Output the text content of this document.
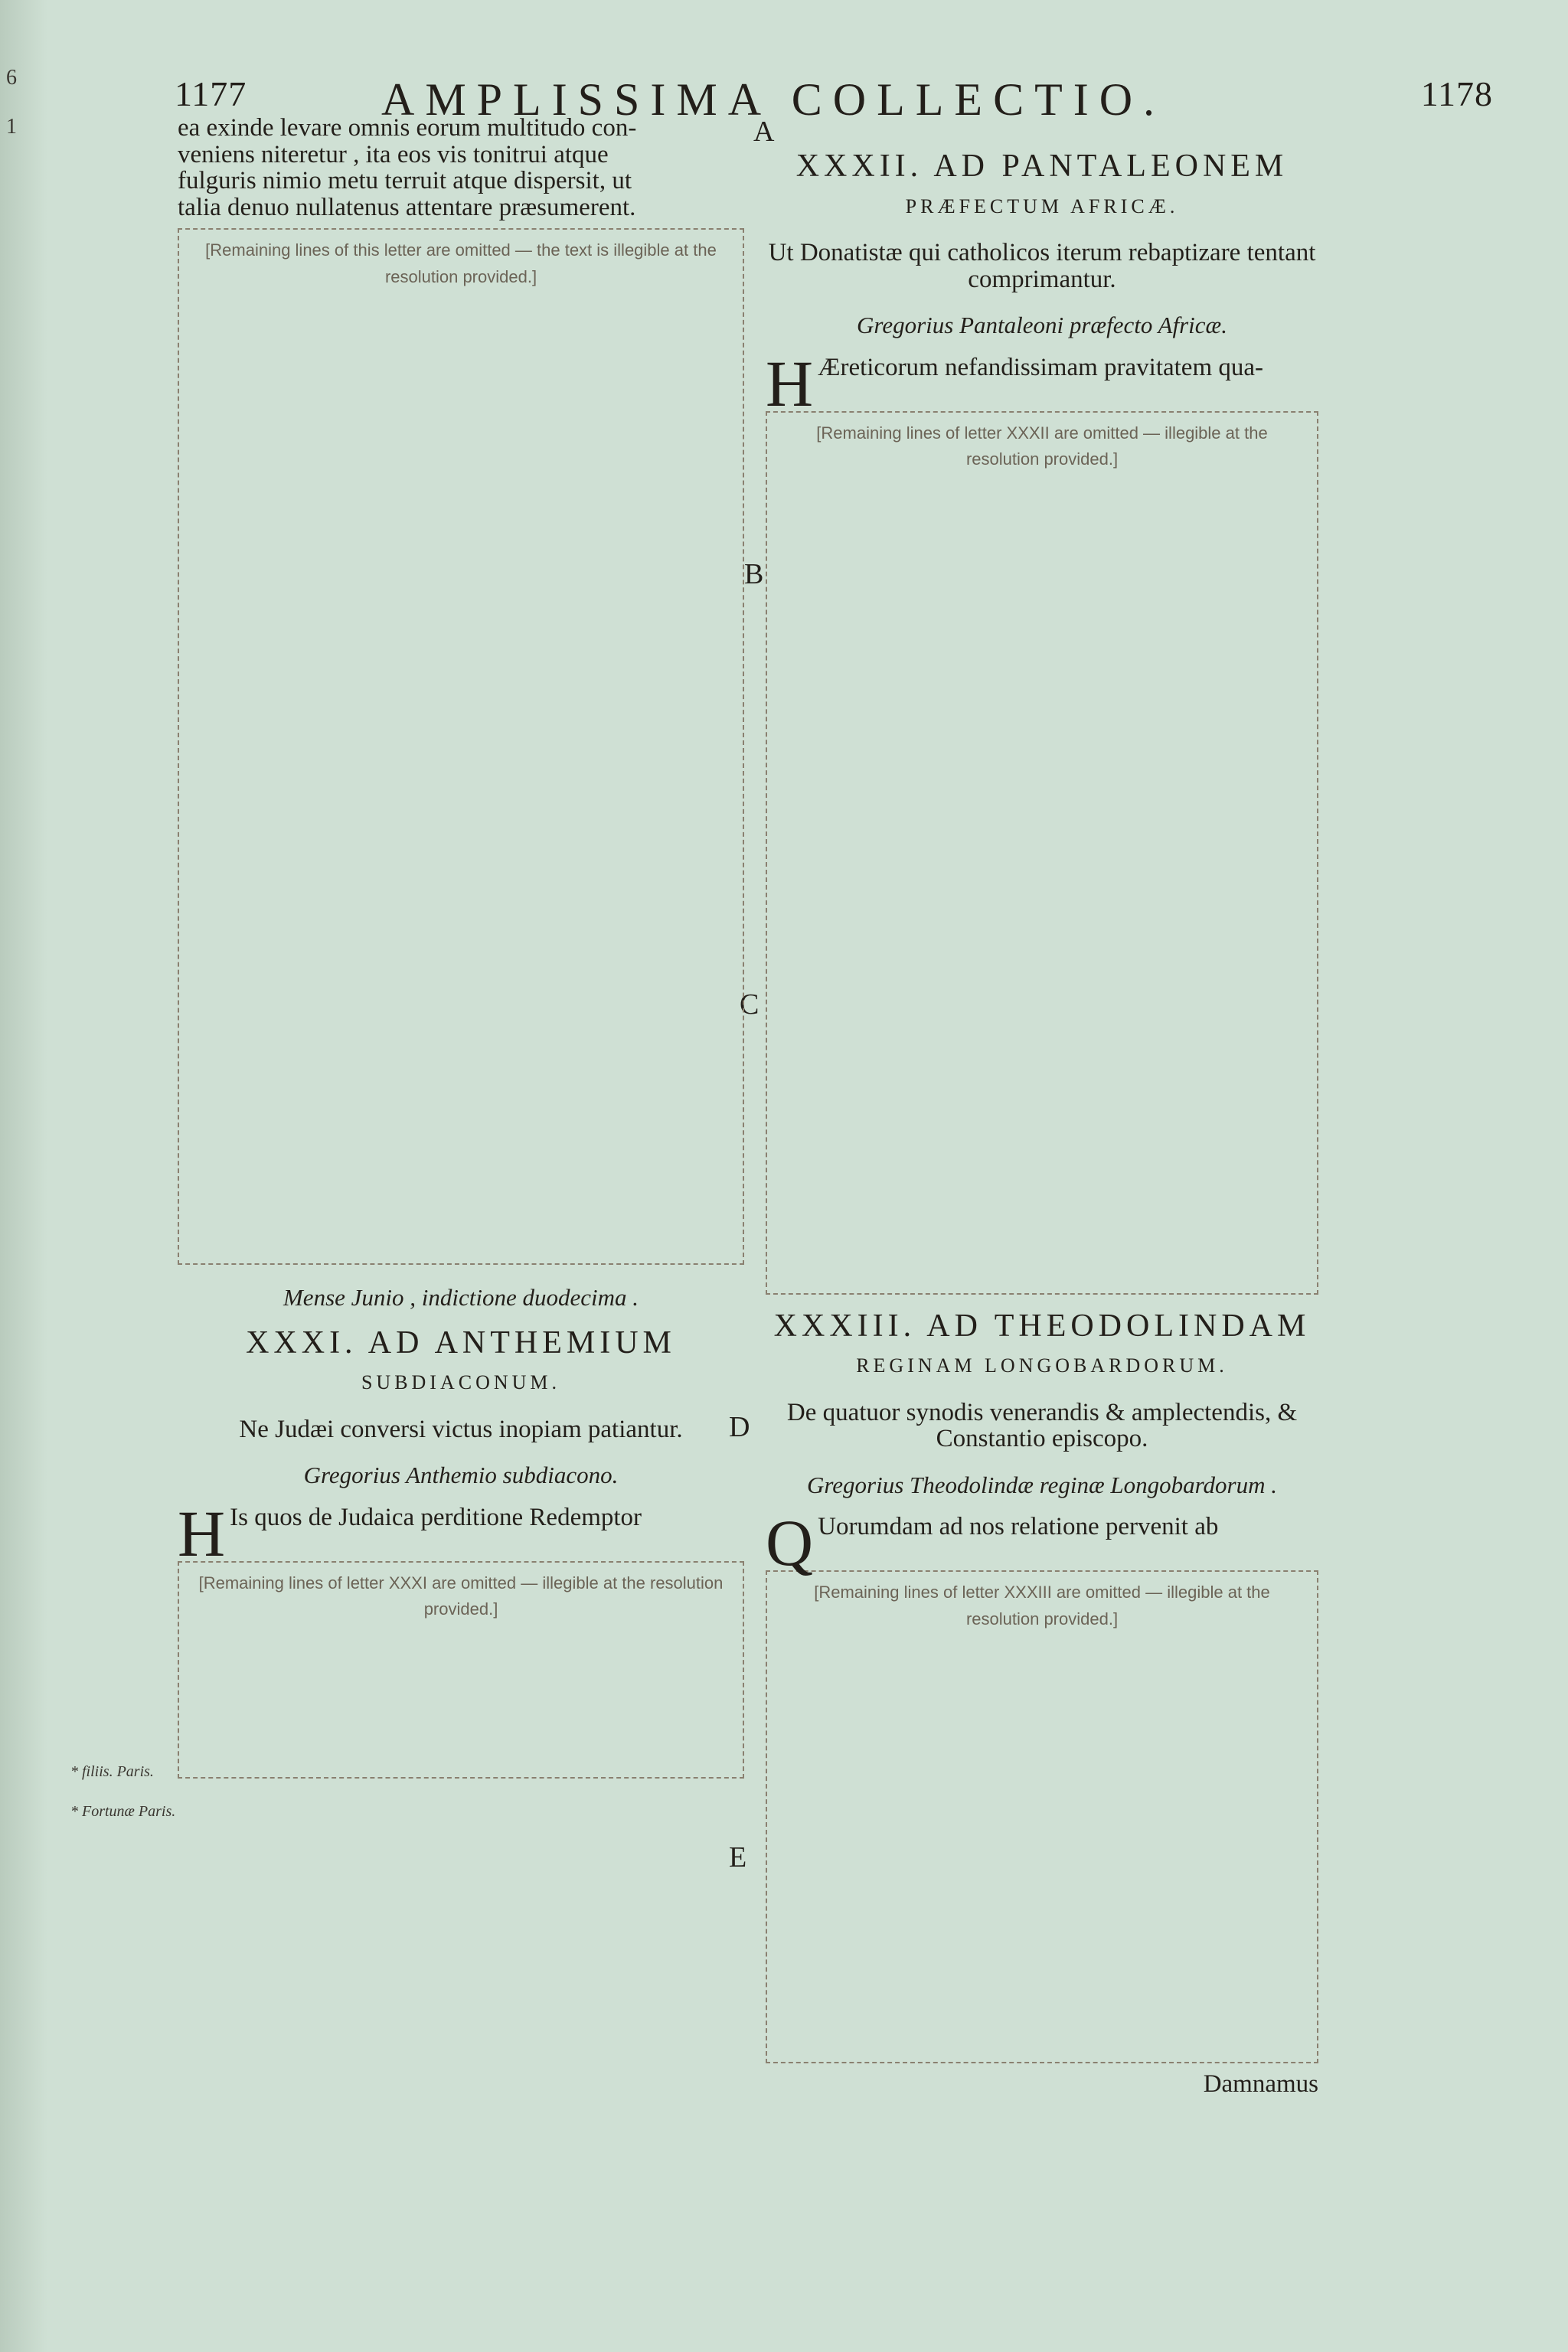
6
1
1177	AMPLISSIMA COLLECTIO.	1178
A
B
C
D
E
* filiis. Paris.
* Fortunæ Paris.
ea exinde levare omnis eorum multitudo con-
veniens niteretur , ita eos vis tonitrui atque
fulguris nimio metu terruit atque dispersit, ut
talia denuo nullatenus attentare præsumerent.
[Remaining lines of this letter are omitted — the text is illegible at the resolution provided.]
Mense Junio , indictione duodecima .
XXXI. AD ANTHEMIUM
SUBDIACONUM.
Ne Judæi conversi victus inopiam patiantur.
Gregorius Anthemio subdiacono.
H Is quos de Judaica perditione Redemptor
[Remaining lines of letter XXXI are omitted — illegible at the resolution provided.]
XXXII. AD PANTALEONEM
PRÆFECTUM AFRICÆ.
Ut Donatistæ qui catholicos iterum rebaptizare tentant comprimantur.
Gregorius Pantaleoni præfecto Africæ.
H Æreticorum nefandissimam pravitatem qua-
[Remaining lines of letter XXXII are omitted — illegible at the resolution provided.]
XXXIII. AD THEODOLINDAM
REGINAM LONGOBARDORUM.
De quatuor synodis venerandis & amplectendis, & Constantio episcopo.
Gregorius Theodolindæ reginæ Longobardorum .
Q Uorumdam ad nos relatione pervenit ab
[Remaining lines of letter XXXIII are omitted — illegible at the resolution provided.]
Damnamus
